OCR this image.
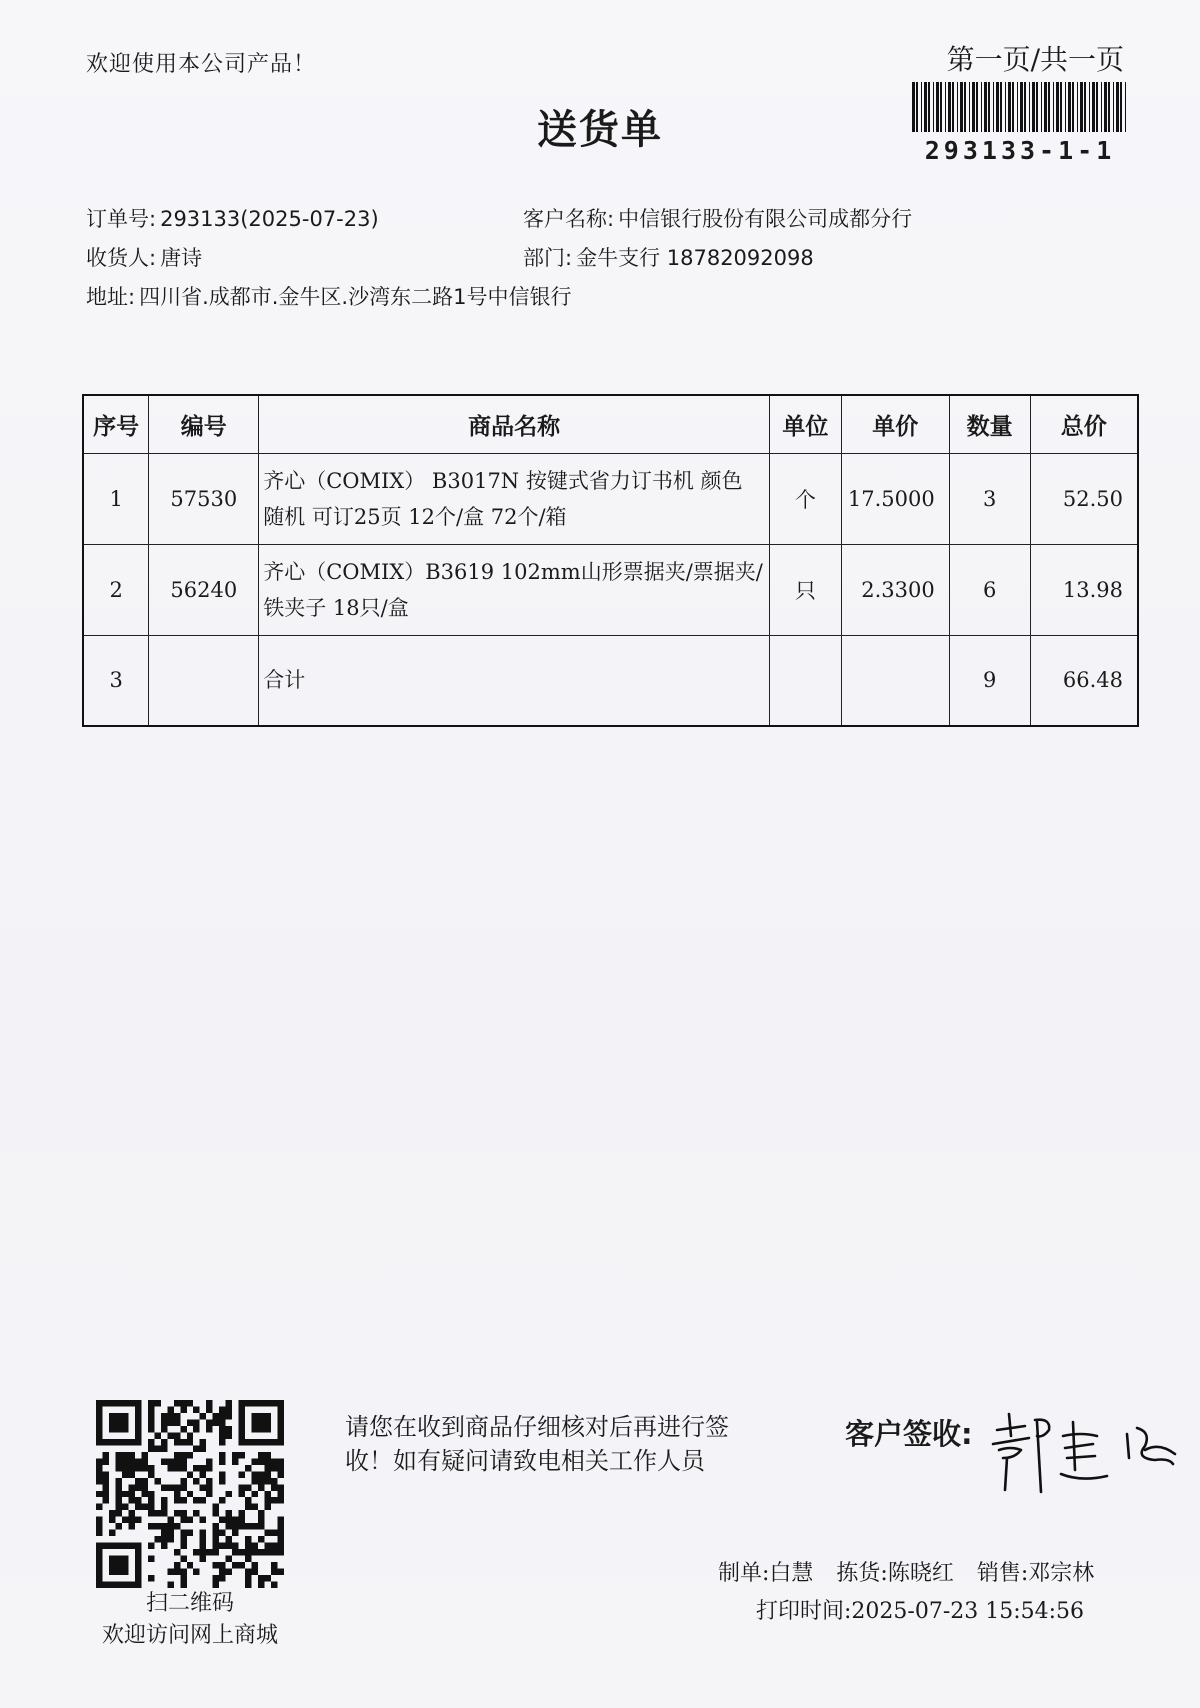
欢迎使用本公司产品！	第一页/共一页
293133-1-1
送货单
订单号: 293133(2025-07-23)	客户名称: 中信银行股份有限公司成都分行
收货人: 唐诗	部门: 金牛支行 18782092098
地址: 四川省.成都市.金牛区.沙湾东二路1号中信银行
序号	编号	商品名称	单位	单价	数量	总价
1	57530	齐心（COMIX） B3017N 按键式省力订书机 颜色
随机 可订25页 12个/盒 72个/箱	个	17.5000	3	52.50
2	56240	齐心（COMIX）B3619 102mm山形票据夹/票据夹/
铁夹子 18只/盒	只	2.3300	6	13.98
3		合计			9	66.48
扫二维码
欢迎访问网上商城
请您在收到商品仔细核对后再进行签收！如有疑问请致电相关工作人员
客户签收:
制单:白慧 拣货:陈晓红 销售:邓宗林
打印时间:2025-07-23 15:54:56
